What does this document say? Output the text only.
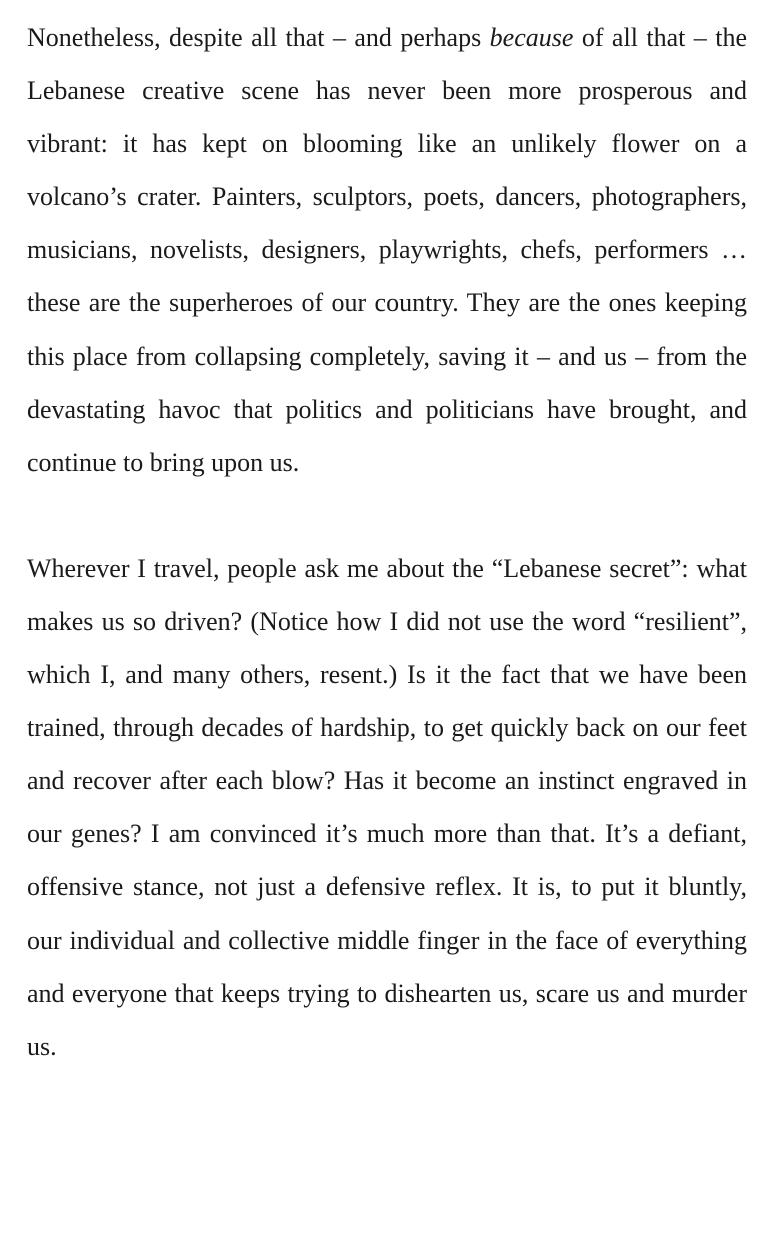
Nonetheless, despite all that – and perhaps because of all that – the Lebanese creative scene has never been more prosperous and vibrant: it has kept on blooming like an unlikely flower on a volcano’s crater. Painters, sculptors, poets, dancers, photographers, musicians, novelists, designers, playwrights, chefs, performers … these are the superheroes of our country. They are the ones keeping this place from collapsing completely, saving it – and us – from the devastating havoc that politics and politicians have brought, and continue to bring upon us.

Wherever I travel, people ask me about the “Lebanese secret”: what makes us so driven? (Notice how I did not use the word “resilient”, which I, and many others, resent.) Is it the fact that we have been trained, through decades of hardship, to get quickly back on our feet and recover after each blow? Has it become an instinct engraved in our genes? I am convinced it’s much more than that. It’s a defiant, offensive stance, not just a defensive reflex. It is, to put it bluntly, our individual and collective middle finger in the face of everything and everyone that keeps trying to dishearten us, scare us and murder us.
